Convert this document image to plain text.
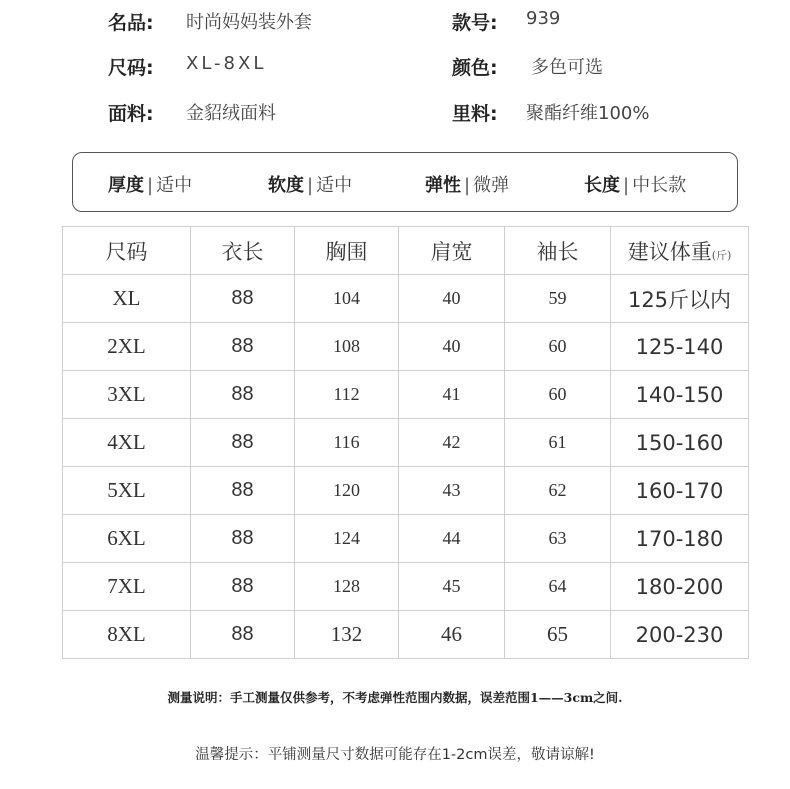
名品: 时尚妈妈装外套	款号: 939
尺码: XL-8XL	颜色: 多色可选
面料: 金貂绒面料	里料: 聚酯纤维100%
厚度 | 适中	软度 | 适中	弹性 | 微弹	长度 | 中长款
尺码	衣长	胸围	肩宽	袖长	建议体重(斤)
XL	88	104	40	59	125斤以内
2XL	88	108	40	60	125-140
3XL	88	112	41	60	140-150
4XL	88	116	42	61	150-160
5XL	88	120	43	62	160-170
6XL	88	124	44	63	170-180
7XL	88	128	45	64	180-200
8XL	88	132	46	65	200-230
测量说明：手工测量仅供参考，不考虑弹性范围内数据，误差范围1——3cm之间.
温馨提示：平铺测量尺寸数据可能存在1-2cm误差，敬请谅解!
